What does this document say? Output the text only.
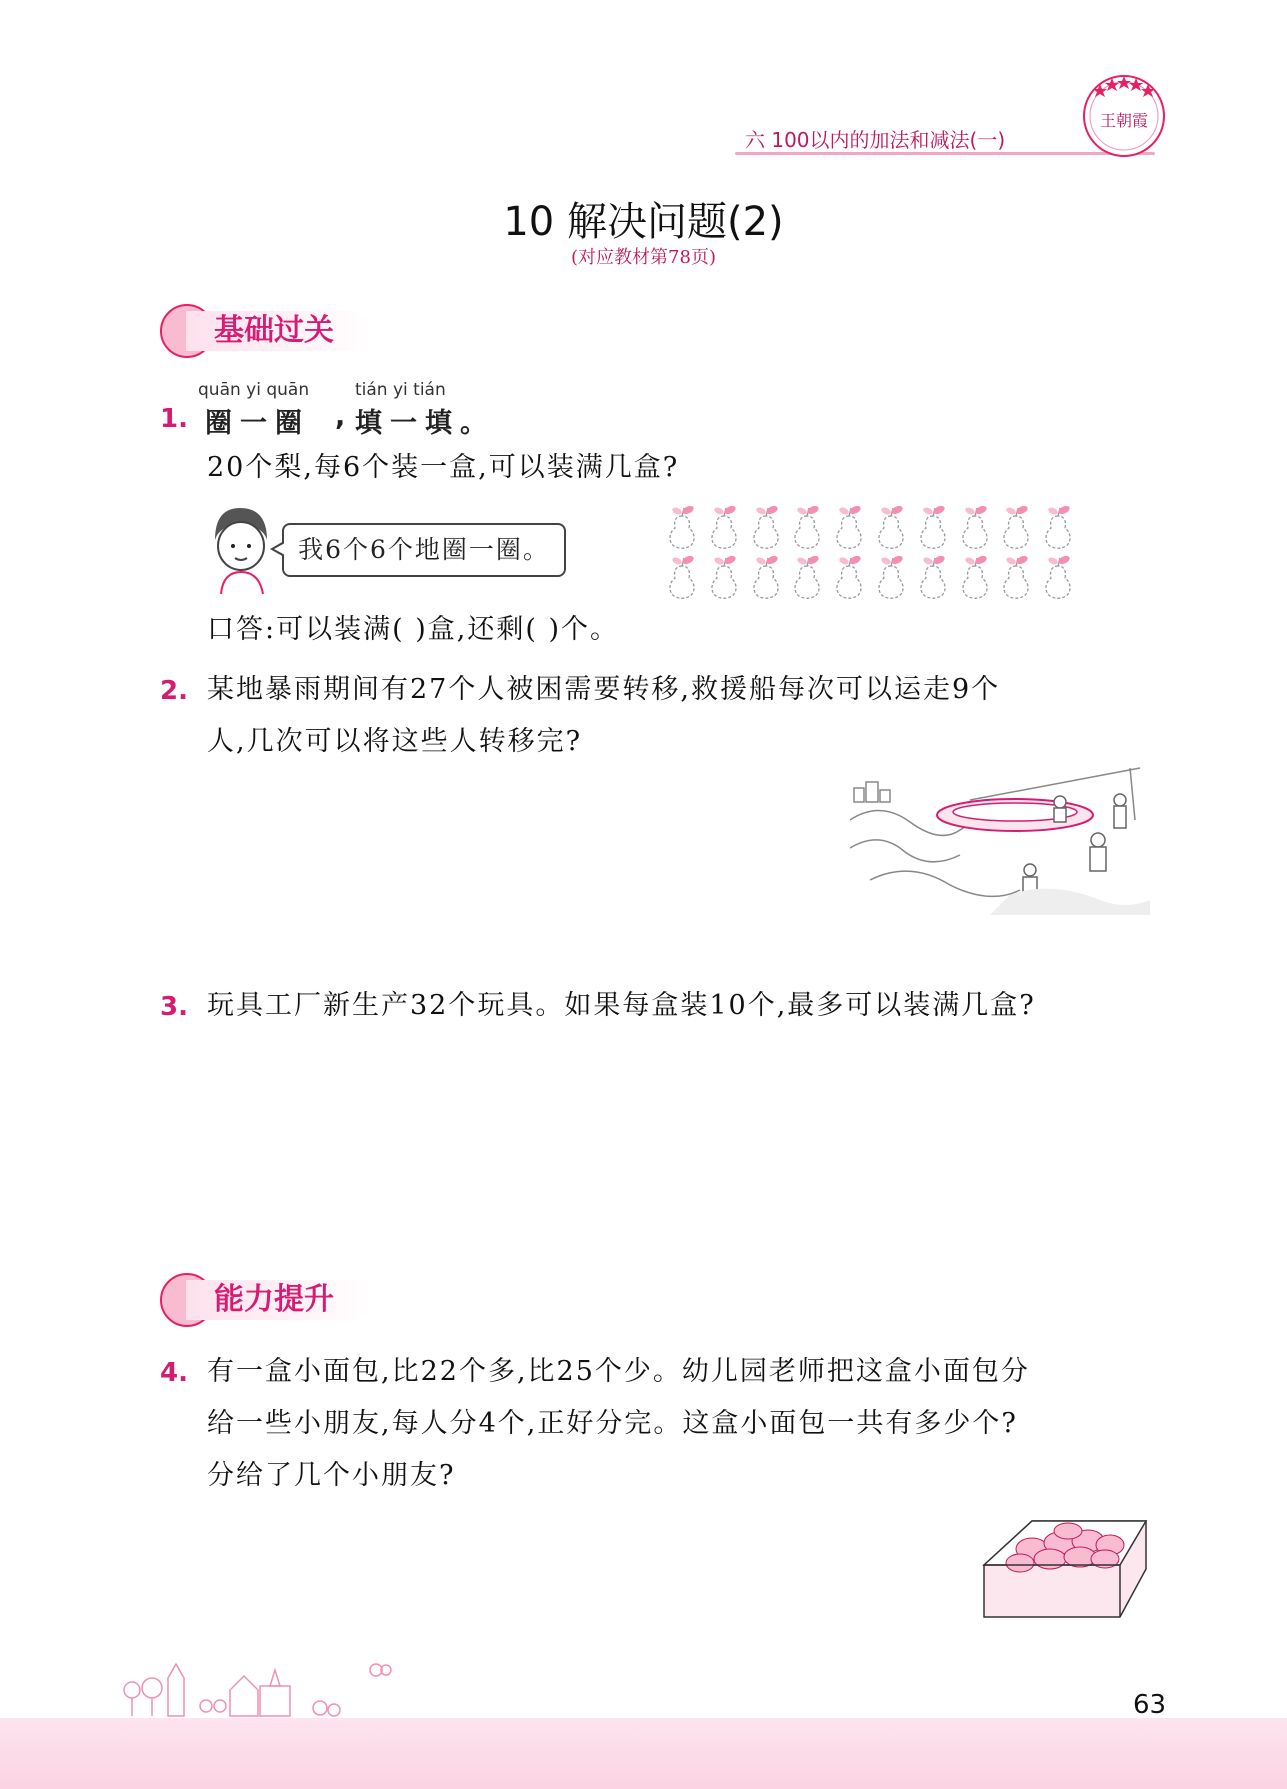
六 100以内的加法和减法(一)
王朝霞
10 解决问题(2)
(对应教材第78页)
基础过关
quān yi quān	tián yi tián
1. 圈一圈 , 填一填。
20个梨,每6个装一盒,可以装满几盒?
我6个6个地圈一圈。
口答:可以装满( )盒,还剩( )个。
2. 某地暴雨期间有27个人被困需要转移,救援船每次可以运走9个
人,几次可以将这些人转移完?
3. 玩具工厂新生产32个玩具。如果每盒装10个,最多可以装满几盒?
能力提升
4. 有一盒小面包,比22个多,比25个少。幼儿园老师把这盒小面包分
给一些小朋友,每人分4个,正好分完。这盒小面包一共有多少个?
分给了几个小朋友?
63
